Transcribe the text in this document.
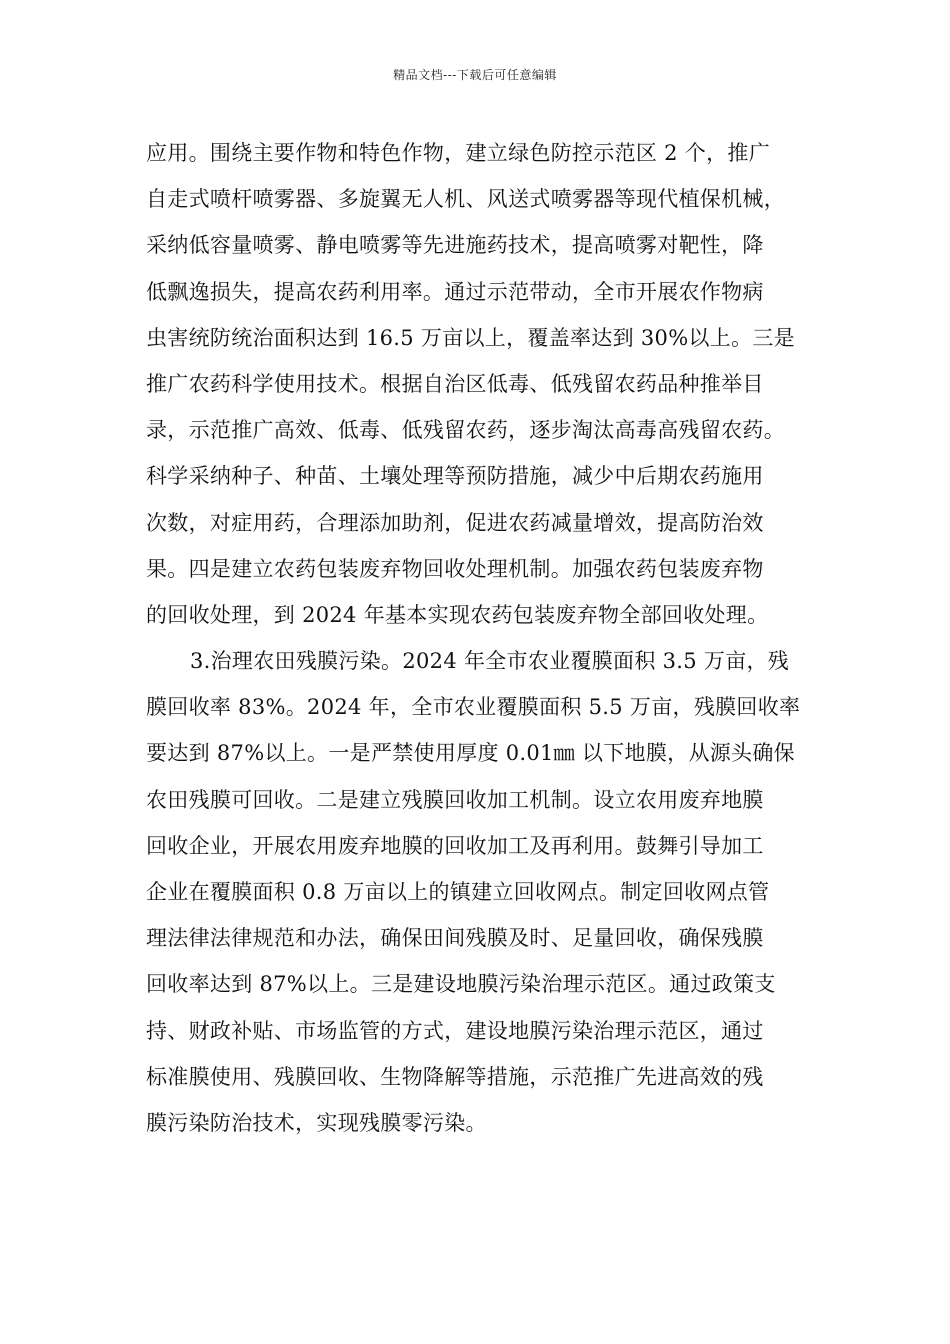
精品文档---下载后可任意编辑
应用。围绕主要作物和特色作物，建立绿色防控示范区 2 个，推广
自走式喷杆喷雾器、多旋翼无人机、风送式喷雾器等现代植保机械，
采纳低容量喷雾、静电喷雾等先进施药技术，提高喷雾对靶性，降
低飘逸损失，提高农药利用率。通过示范带动，全市开展农作物病
虫害统防统治面积达到 16.5 万亩以上，覆盖率达到 30%以上。三是
推广农药科学使用技术。根据自治区低毒、低残留农药品种推举目
录，示范推广高效、低毒、低残留农药，逐步淘汰高毒高残留农药。
科学采纳种子、种苗、土壤处理等预防措施，减少中后期农药施用
次数，对症用药，合理添加助剂，促进农药减量增效，提高防治效
果。四是建立农药包装废弃物回收处理机制。加强农药包装废弃物
的回收处理，到 2024 年基本实现农药包装废弃物全部回收处理。
3.治理农田残膜污染。2024 年全市农业覆膜面积 3.5 万亩，残
膜回收率 83%。2024 年，全市农业覆膜面积 5.5 万亩，残膜回收率
要达到 87%以上。一是严禁使用厚度 0.01㎜ 以下地膜，从源头确保
农田残膜可回收。二是建立残膜回收加工机制。设立农用废弃地膜
回收企业，开展农用废弃地膜的回收加工及再利用。鼓舞引导加工
企业在覆膜面积 0.8 万亩以上的镇建立回收网点。制定回收网点管
理法律法律规范和办法，确保田间残膜及时、足量回收，确保残膜
回收率达到 87%以上。三是建设地膜污染治理示范区。通过政策支
持、财政补贴、市场监管的方式，建设地膜污染治理示范区，通过
标准膜使用、残膜回收、生物降解等措施，示范推广先进高效的残
膜污染防治技术，实现残膜零污染。
